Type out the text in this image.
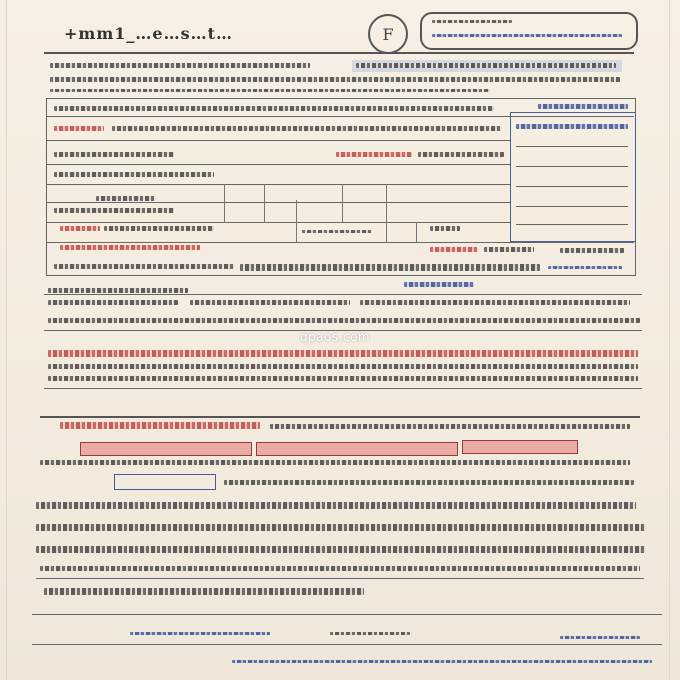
+mm1_…e…s…t…	F
qpaos.com
